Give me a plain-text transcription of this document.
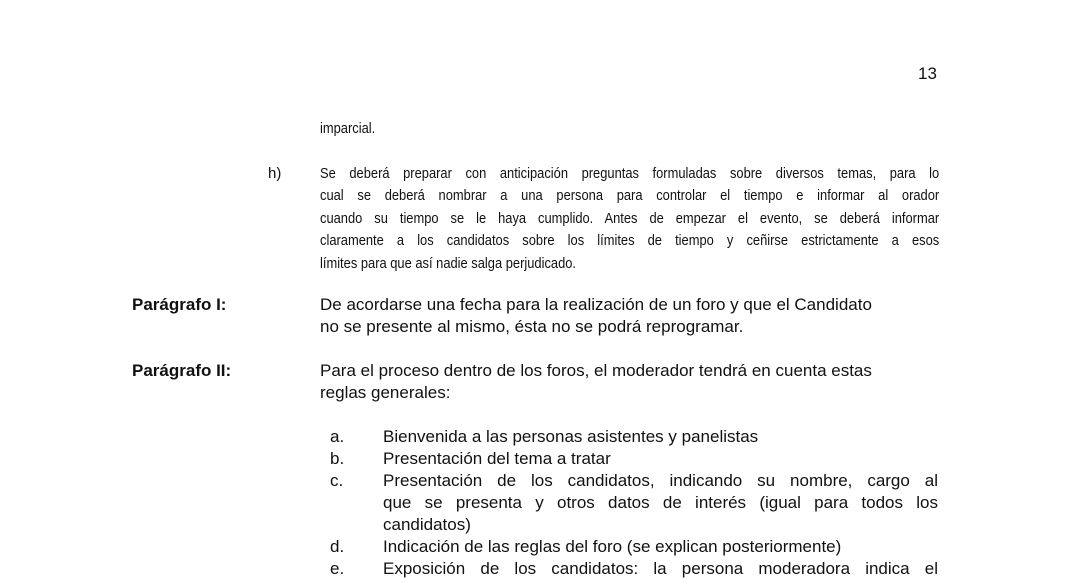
13
imparcial.
h)	Se deberá preparar con anticipación preguntas formuladas sobre diversos temas, para lo
cual se deberá nombrar a una persona para controlar el tiempo e informar al orador
cuando su tiempo se le haya cumplido. Antes de empezar el evento, se deberá informar
claramente a los candidatos sobre los límites de tiempo y ceñirse estrictamente a esos
límites para que así nadie salga perjudicado.
Parágrafo I:	De acordarse una fecha para la realización de un foro y que el Candidato
no se presente al mismo, ésta no se podrá reprogramar.
Parágrafo II:	Para el proceso dentro de los foros, el moderador tendrá en cuenta estas
reglas generales:
a. Bienvenida a las personas asistentes y panelistas
b. Presentación del tema a tratar
c. Presentación de los candidatos, indicando su nombre, cargo al
que se presenta y otros datos de interés (igual para todos los
candidatos)
d. Indicación de las reglas del foro (se explican posteriormente)
e. Exposición de los candidatos: la persona moderadora indica el
